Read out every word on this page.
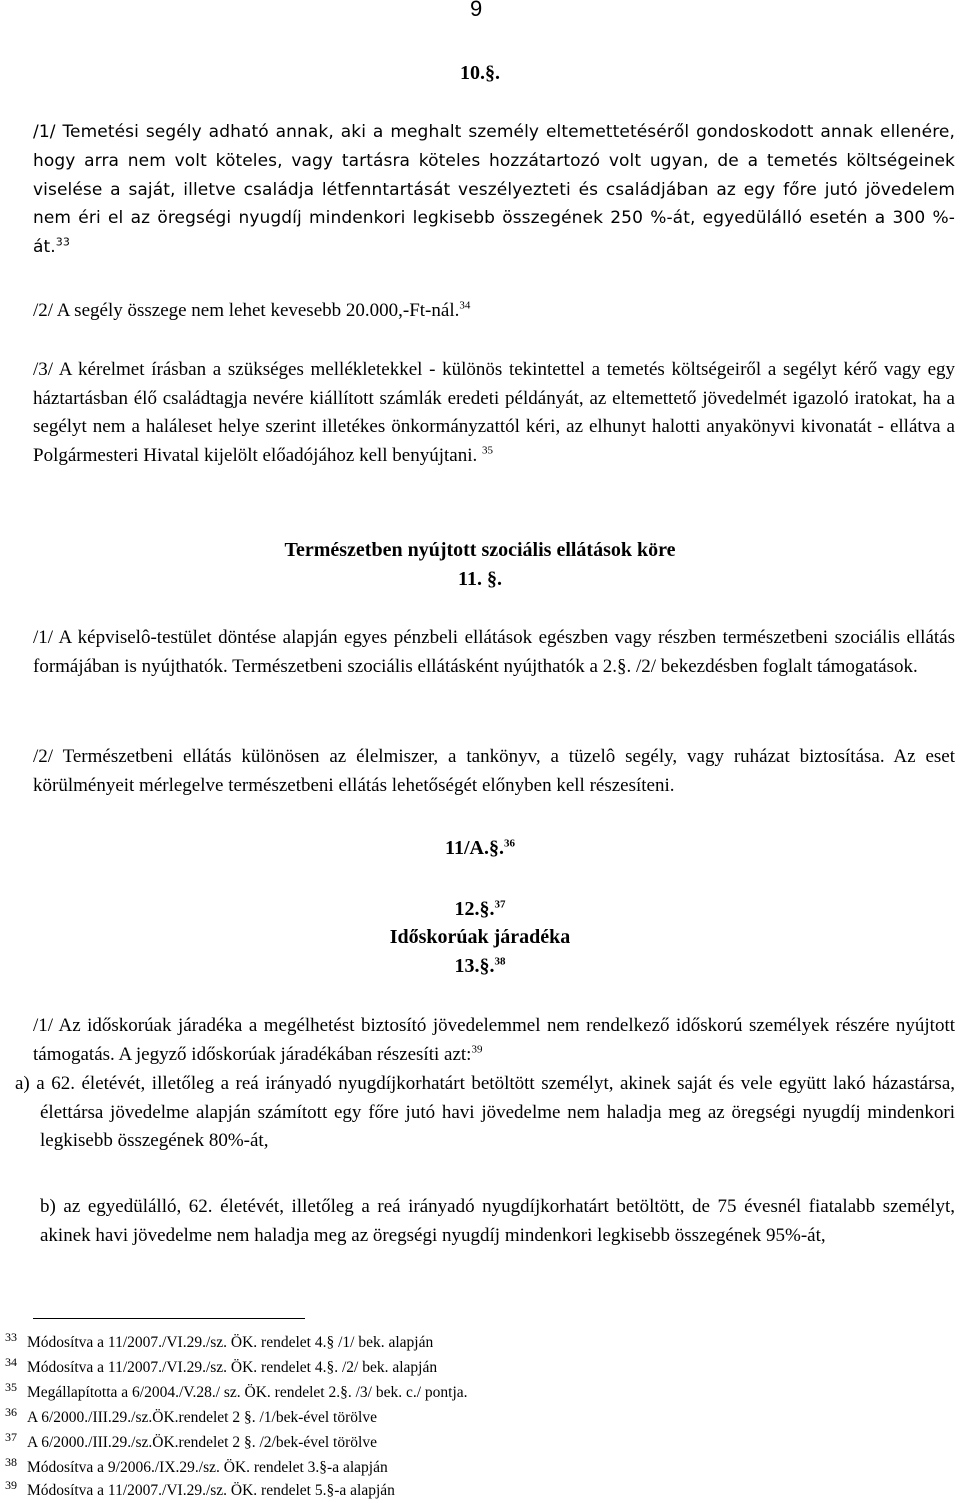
9
10.§.
/1/ Temetési segély adható annak, aki a meghalt személy eltemettetéséről gondoskodott annak ellenére, hogy arra nem volt köteles, vagy tartásra köteles hozzátartozó volt ugyan, de a temetés költségeinek viselése a saját, illetve családja létfenntartását veszélyezteti és családjában az egy főre jutó jövedelem nem éri el az öregségi nyugdíj mindenkori legkisebb összegének 250 %-át, egyedülálló esetén a 300 %-át.$^{33}$
/2/ A segély összege nem lehet kevesebb 20.000,-Ft-nál.$^{34}$
/3/ A kérelmet írásban a szükséges mellékletekkel - különös tekintettel a temetés költségeiről a segélyt kérő vagy egy háztartásban élő családtagja nevére kiállított számlák eredeti példányát, az eltemettető jövedelmét igazoló iratokat, ha a segélyt nem a haláleset helye szerint illetékes önkormányzattól kéri, az elhunyt halotti anyakönyvi kivonatát - ellátva a Polgármesteri Hivatal kijelölt előadójához kell benyújtani. $^{35}$
Természetben nyújtott szociális ellátások köre
11. §.
/1/ A képviselô-testület döntése alapján egyes pénzbeli ellátások egészben vagy részben természetbeni szociális ellátás formájában is nyújthatók. Természetbeni szociális ellátásként nyújthatók a 2.§. /2/ bekezdésben foglalt támogatások.
/2/ Természetbeni ellátás különösen az élelmiszer, a tankönyv, a tüzelô segély, vagy ruházat biztosítása. Az eset körülményeit mérlegelve természetbeni ellátás lehetőségét előnyben kell részesíteni.
11/A.§.$^{36}$
12.§.$^{37}$
Időskorúak járadéka
13.§.$^{38}$
/1/ Az időskorúak járadéka a megélhetést biztosító jövedelemmel nem rendelkező időskorú személyek részére nyújtott támogatás. A jegyző időskorúak járadékában részesíti azt:$^{39}$
a) a 62. életévét, illetőleg a reá irányadó nyugdíjkorhatárt betöltött személyt, akinek saját és vele együtt lakó házastársa, élettársa jövedelme alapján számított egy főre jutó havi jövedelme nem haladja meg az öregségi nyugdíj mindenkori legkisebb összegének 80%-át,
b) az egyedülálló, 62. életévét, illetőleg a reá irányadó nyugdíjkorhatárt betöltött, de 75 évesnél fiatalabb személyt, akinek havi jövedelme nem haladja meg az öregségi nyugdíj mindenkori legkisebb összegének 95%-át,
33 Módosítva a 11/2007./VI.29./sz. ÖK. rendelet 4.§ /1/ bek. alapján
34 Módosítva a 11/2007./VI.29./sz. ÖK. rendelet 4.§. /2/ bek. alapján
35 Megállapította a 6/2004./V.28./ sz. ÖK. rendelet 2.§. /3/ bek. c./ pontja.
36 A 6/2000./III.29./sz.ÖK.rendelet 2 §. /1/bek-ével törölve
37 A 6/2000./III.29./sz.ÖK.rendelet 2 §. /2/bek-ével törölve
38 Módosítva a 9/2006./IX.29./sz. ÖK. rendelet 3.§-a alapján
39 Módosítva a 11/2007./VI.29./sz. ÖK. rendelet 5.§-a alapján
